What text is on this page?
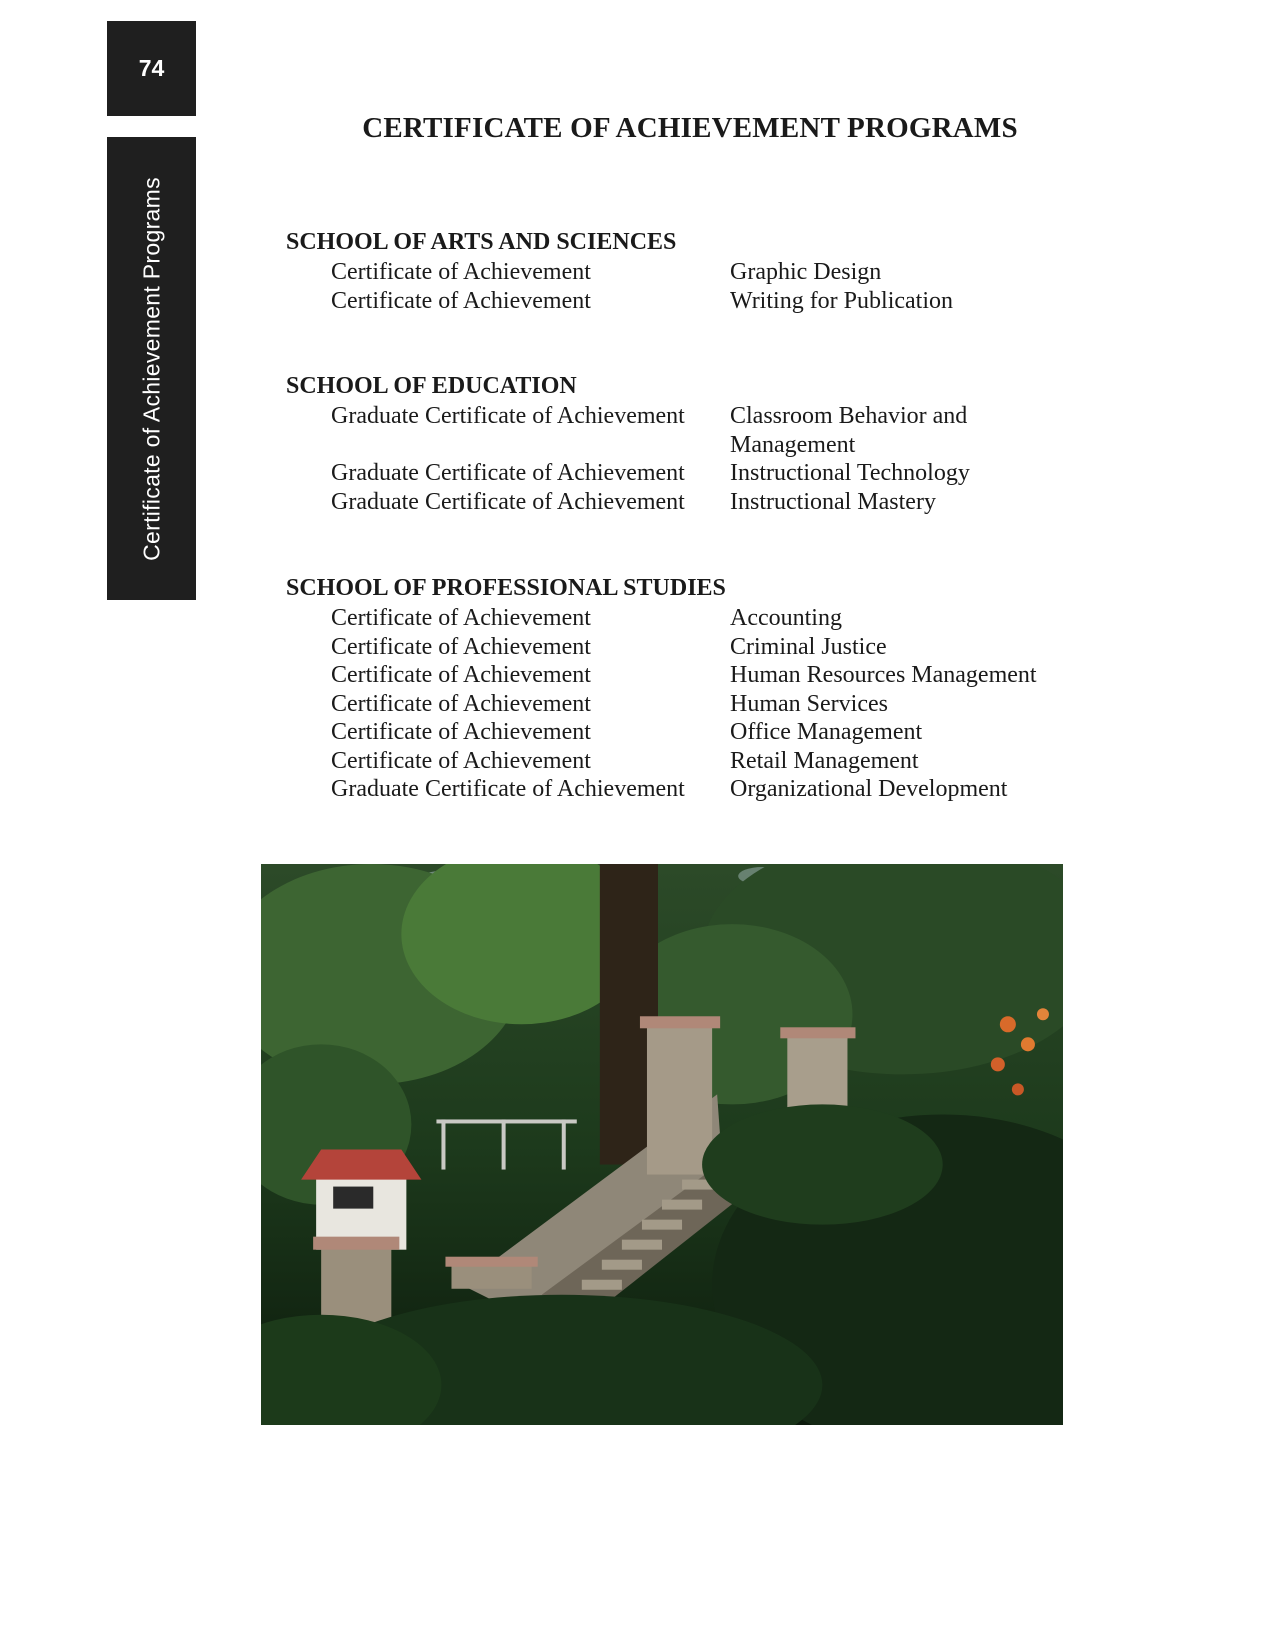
74
Certificate of Achievement Programs
CERTIFICATE OF ACHIEVEMENT PROGRAMS
SCHOOL OF ARTS AND SCIENCES
Certificate of Achievement	Graphic Design
Certificate of Achievement	Writing for Publication
SCHOOL OF EDUCATION
Graduate Certificate of Achievement	Classroom Behavior and Management
Graduate Certificate of Achievement	Instructional Technology
Graduate Certificate of Achievement	Instructional Mastery
SCHOOL OF PROFESSIONAL STUDIES
Certificate of Achievement	Accounting
Certificate of Achievement	Criminal Justice
Certificate of Achievement	Human Resources Management
Certificate of Achievement	Human Services
Certificate of Achievement	Office Management
Certificate of Achievement	Retail Management
Graduate Certificate of Achievement	Organizational Development
